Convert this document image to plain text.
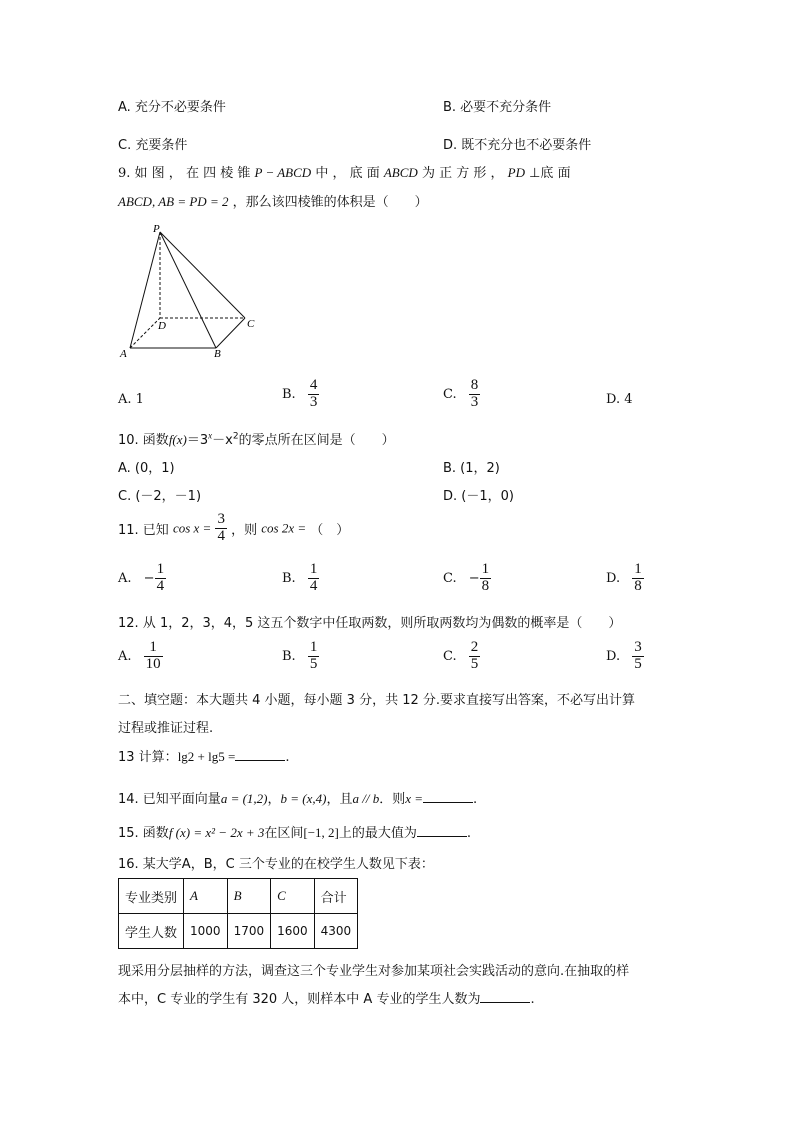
A. 充分不必要条件	B. 必要不充分条件
C. 充要条件	D. 既不充分也不必要条件
9. 如 图 ， 在 四 棱 锥 P − ABCD 中 ， 底 面 ABCD 为 正 方 形 ， PD ⊥底 面
ABCD, AB = PD = 2 ，那么该四棱锥的体积是（　　）
P
D	C
A	B
A. 1	B. $\frac{4}{3}$	C. $\frac{8}{3}$	D. 4
10. 函数$f(x)=3^x-x^2$的零点所在区间是（　　）
A. (0，1)	B. (1，2)
C. (－2，－1)	D. (－1，0)
11. 已知 $\cos x = \frac{3}{4}$ ，则 cos 2x = （　）
A. − $\frac{1}{4}$	B. $\frac{1}{4}$	C. − $\frac{1}{8}$	D. $\frac{1}{8}$
12. 从 1，2，3，4，5 这五个数字中任取两数，则所取两数均为偶数的概率是（　　）
A. $\frac{1}{10}$	B. $\frac{1}{5}$	C. $\frac{2}{5}$	D. $\frac{3}{5}$
二、填空题：本大题共 4 小题，每小题 3 分，共 12 分.要求直接写出答案，不必写出计算
过程或推证过程.
13 计算：lg2 + lg5 =	.
14. 已知平面向量a = (1,2)，b = (x,4)，且a // b．则x =	.
15. 函数f (x) = x² − 2x + 3在区间[−1, 2]上的最大值为	.
16. 某大学A，B，C 三个专业的在校学生人数见下表：
专业类别	A	B	C	合计
学生人数	1000	1700	1600	4300
现采用分层抽样的方法，调查这三个专业学生对参加某项社会实践活动的意向.在抽取的样
本中，C 专业的学生有 320 人，则样本中 A 专业的学生人数为	.
